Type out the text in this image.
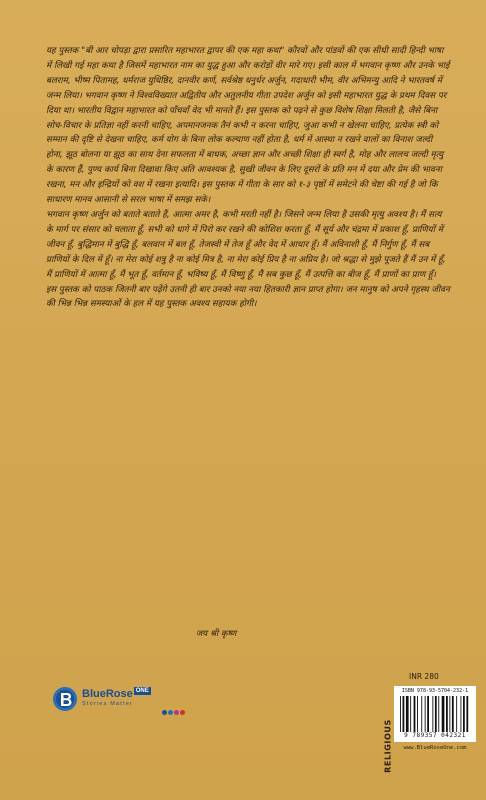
यह पुस्तक "बी आर चोपड़ा द्वारा प्रसारित महाभारत द्वापर की एक महा कथा" कौरवों और पांडवों की एक सीधी सादी हिन्दी भाषा में लिखी गई महा कथा है जिसमें महाभारत नाम का युद्ध हुआ और करोड़ों वीर मारे गए। इसी काल में भगवान कृष्ण और उनके भाई बलराम, भीष्म पितामह, धर्मराज युधिष्ठिर, दानवीर कर्ण, सर्वश्रेष्ठ धनुर्धर अर्जुन, गदाधारी भीम, वीर अभिमन्यु आदि ने भारतवर्ष में जन्म लिया। भगवान कृष्ण ने विश्वविख्यात अद्वितीय और अतुलनीय गीता उपदेश अर्जुन को इसी महाभारत युद्ध के प्रथम दिवस पर दिया था। भारतीय विद्वान महाभारत को पाँचवाँ वेद भी मानते हैं। इस पुस्तक को पढ़ने से कुछ विशेष शिक्षा मिलती है, जैसे बिना सोच-विचार के प्रतिज्ञा नहीं करनी चाहिए, अपमानजनक तैनं कभी न करना चाहिए, जुआ कभी न खेलना चाहिए, प्रत्येक स्त्री को सम्मान की दृष्टि से देखना चाहिए, कर्म योग के बिना लोक कल्याण नहीं होता है, धर्म में आस्था न रखने वालों का विनाश जल्दी होना, झूठ बोलना या झूठ का साथ देना सफलता में बाधक, अच्छा ज्ञान और अच्छी शिक्षा ही स्वर्ग है, मोह और लालच जल्दी मृत्यु के कारण हैं, पुण्य कार्य बिना दिखावा किए अति आवश्यक है, सुखी जीवन के लिए दूसरों के प्रति मन में दया और प्रेम की भावना रखना, मन और इन्द्रियों को वश में रखना इत्यादि। इस पुस्तक में गीता के सार को १-३ पृष्ठों में समेटने की चेष्टा की गई है जो कि साधारण मानव आसानी से सरल भाषा में समझ सके।

भगवान कृष्ण अर्जुन को बताते बताते हैं, आत्मा अमर है, कभी मरती नहीं है। जिसने जन्म लिया है उसकी मृत्यु अवश्य है। मैं सत्य के मार्ग पर संसार को चलाता हूँ, सभी को धागे में पिरो कर रखने की कोशिश करता हूँ, मैं सूर्य और चंद्रमा में प्रकाश हूँ, प्राणियों में जीवन हूँ, बुद्धिमान में बुद्धि हूँ, बलवान में बल हूँ, तेजस्वी में तेज हूँ और वेद में आधार हूँ। मैं अविनाशी हूँ, मैं निर्गुण हूँ, मैं सब प्राणियों के दिल में हूँ। ना मेरा कोई शत्रु है ना कोई मित्र है, ना मेरा कोई प्रिय है ना अप्रिय है। जो श्रद्धा से मुझे पूजते हैं मैं उन में हूँ, मैं प्राणियों में आत्मा हूँ, मैं भूत हूँ, वर्तमान हूँ, भविष्य हूँ, मैं विष्णु हूँ, मैं सब कुछ हूँ, मैं उत्पत्ति का बीज हूँ, मैं प्राणों का प्राण हूँ।

इस पुस्तक को पाठक जितनी बार पढ़ेंगे उतनी ही बार उनको नया नया हितकारी ज्ञान प्राप्त होगा। जन मानुष को अपने गृहस्थ जीवन की भिन्न भिन्न समस्याओं के हल में यह पुस्तक अवश्य सहायक होगी।

जय श्री कृष्ण
BlueRose $^{ONE}$
Stories Matter
INR 280
RELIGIOUS
ISBN 978-93-5704-232-1
9 789357 042321
www.BlueRoseOne.com
